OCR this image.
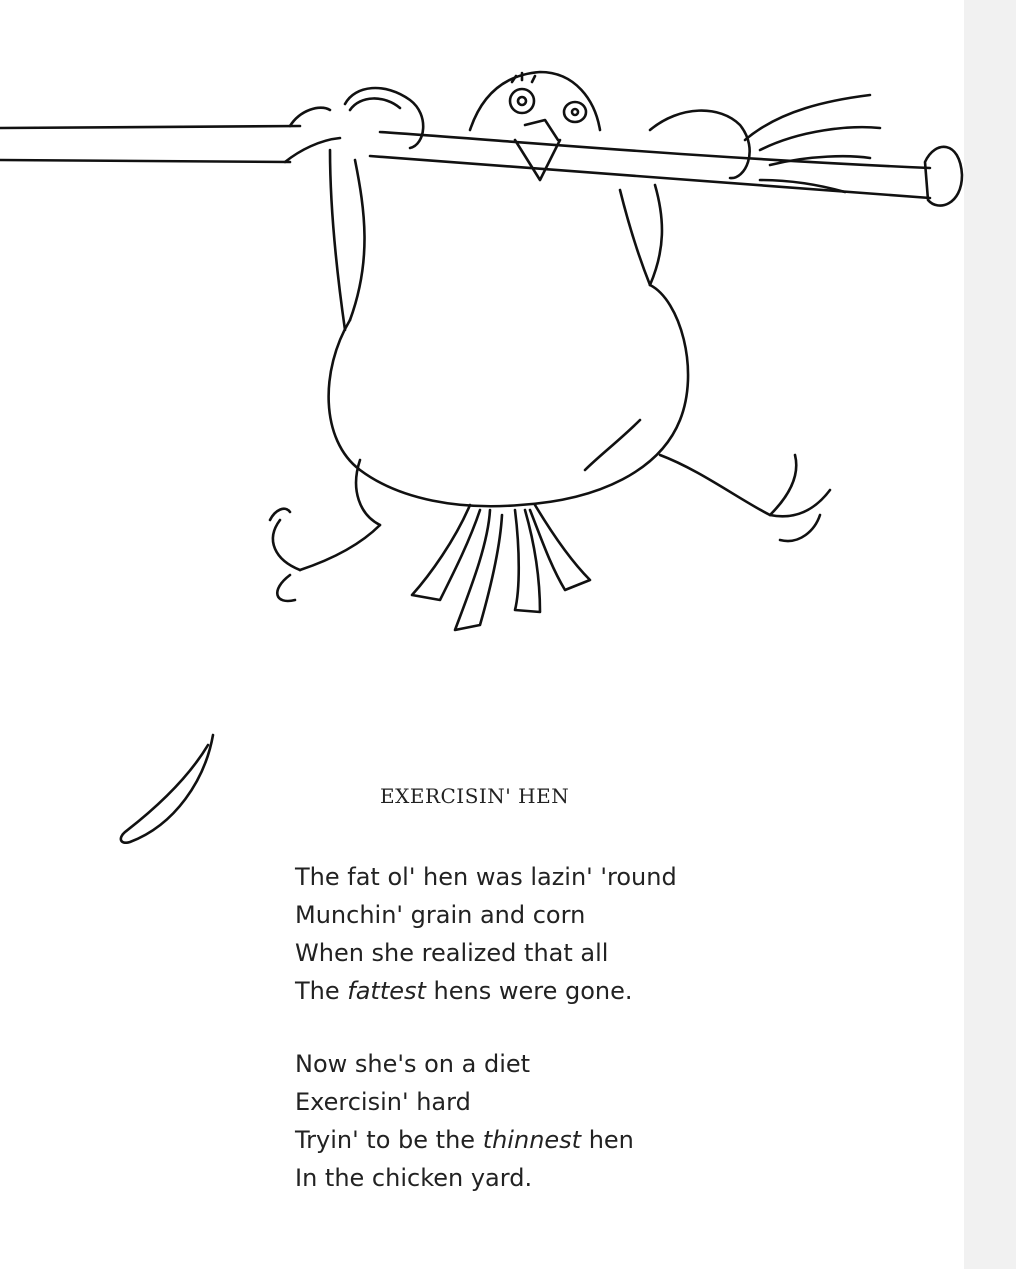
EXERCISIN' HEN
The fat ol' hen was lazin' 'round
Munchin' grain and corn
When she realized that all
The fattest hens were gone.
Now she's on a diet
Exercisin' hard
Tryin' to be the thinnest hen
In the chicken yard.
